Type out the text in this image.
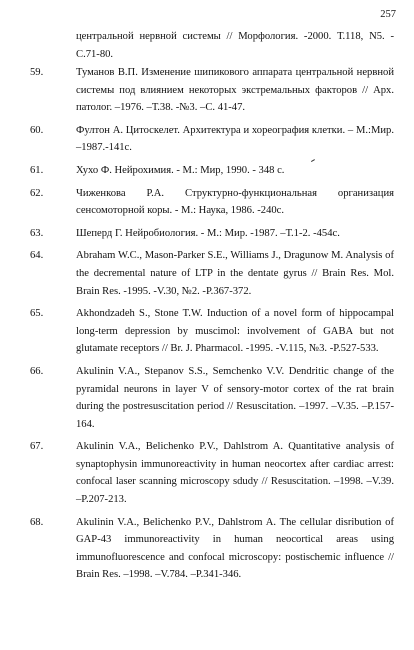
257
центральной нервной системы // Морфология. -2000. Т.118, N5. - С.71-80.
59.	Туманов В.П. Изменение шипикового аппарата центральной нервной системы под влиянием некоторых экстремальных факторов // Арх. патолог. –1976. –Т.38. -№3. –С. 41-47.
60.	Фултон А. Цитоскелет. Архитектура и хореография клетки. – М.:Мир. –1987.-141с.
61.	Хухо Ф. Нейрохимия. - М.: Мир, 1990. - 348 с.
62.	Чиженкова Р.А. Структурно-функциональная организация сенсомоторной коры. - М.: Наука, 1986. -240с.
63.	Шеперд Г. Нейробиология. - М.: Мир. -1987. –Т.1-2. -454с.
64.	Abraham W.C., Mason-Parker S.E., Williams J., Dragunow M. Analysis of the decremental nature of LTP in the dentate gyrus // Brain Res. Mol. Brain Res. -1995. -V.30, №2. -P.367-372.
65.	Akhondzadeh S., Stone T.W. Induction of a novel form of hippocampal long-term depression by muscimol: involvement of GABA but not glutamate receptors // Br. J. Pharmacol. -1995. -V.115, №3. -P.527-533.
66.	Akulinin V.A., Stepanov S.S., Semchenko V.V. Dendritic change of the pyramidal neurons in layer V of sensory-motor cortex of the rat brain during the postresuscitation period // Resuscitation. –1997. –V.35. –P.157-164.
67.	Akulinin V.A., Belichenko P.V., Dahlstrom A. Quantitative analysis of synaptophysin immunoreactivity in human neocortex after cardiac arrest: confocal laser scanning microscopy sdudy // Resuscitation. –1998. –V.39. –P.207-213.
68.	Akulinin V.A., Belichenko P.V., Dahlstrom A. The cellular disribution of GAP-43 immunoreactivity in human neocortical areas using immunofluorescence and confocal microscopy: postischemic influence // Brain Res. –1998. –V.784. –P.341-346.
